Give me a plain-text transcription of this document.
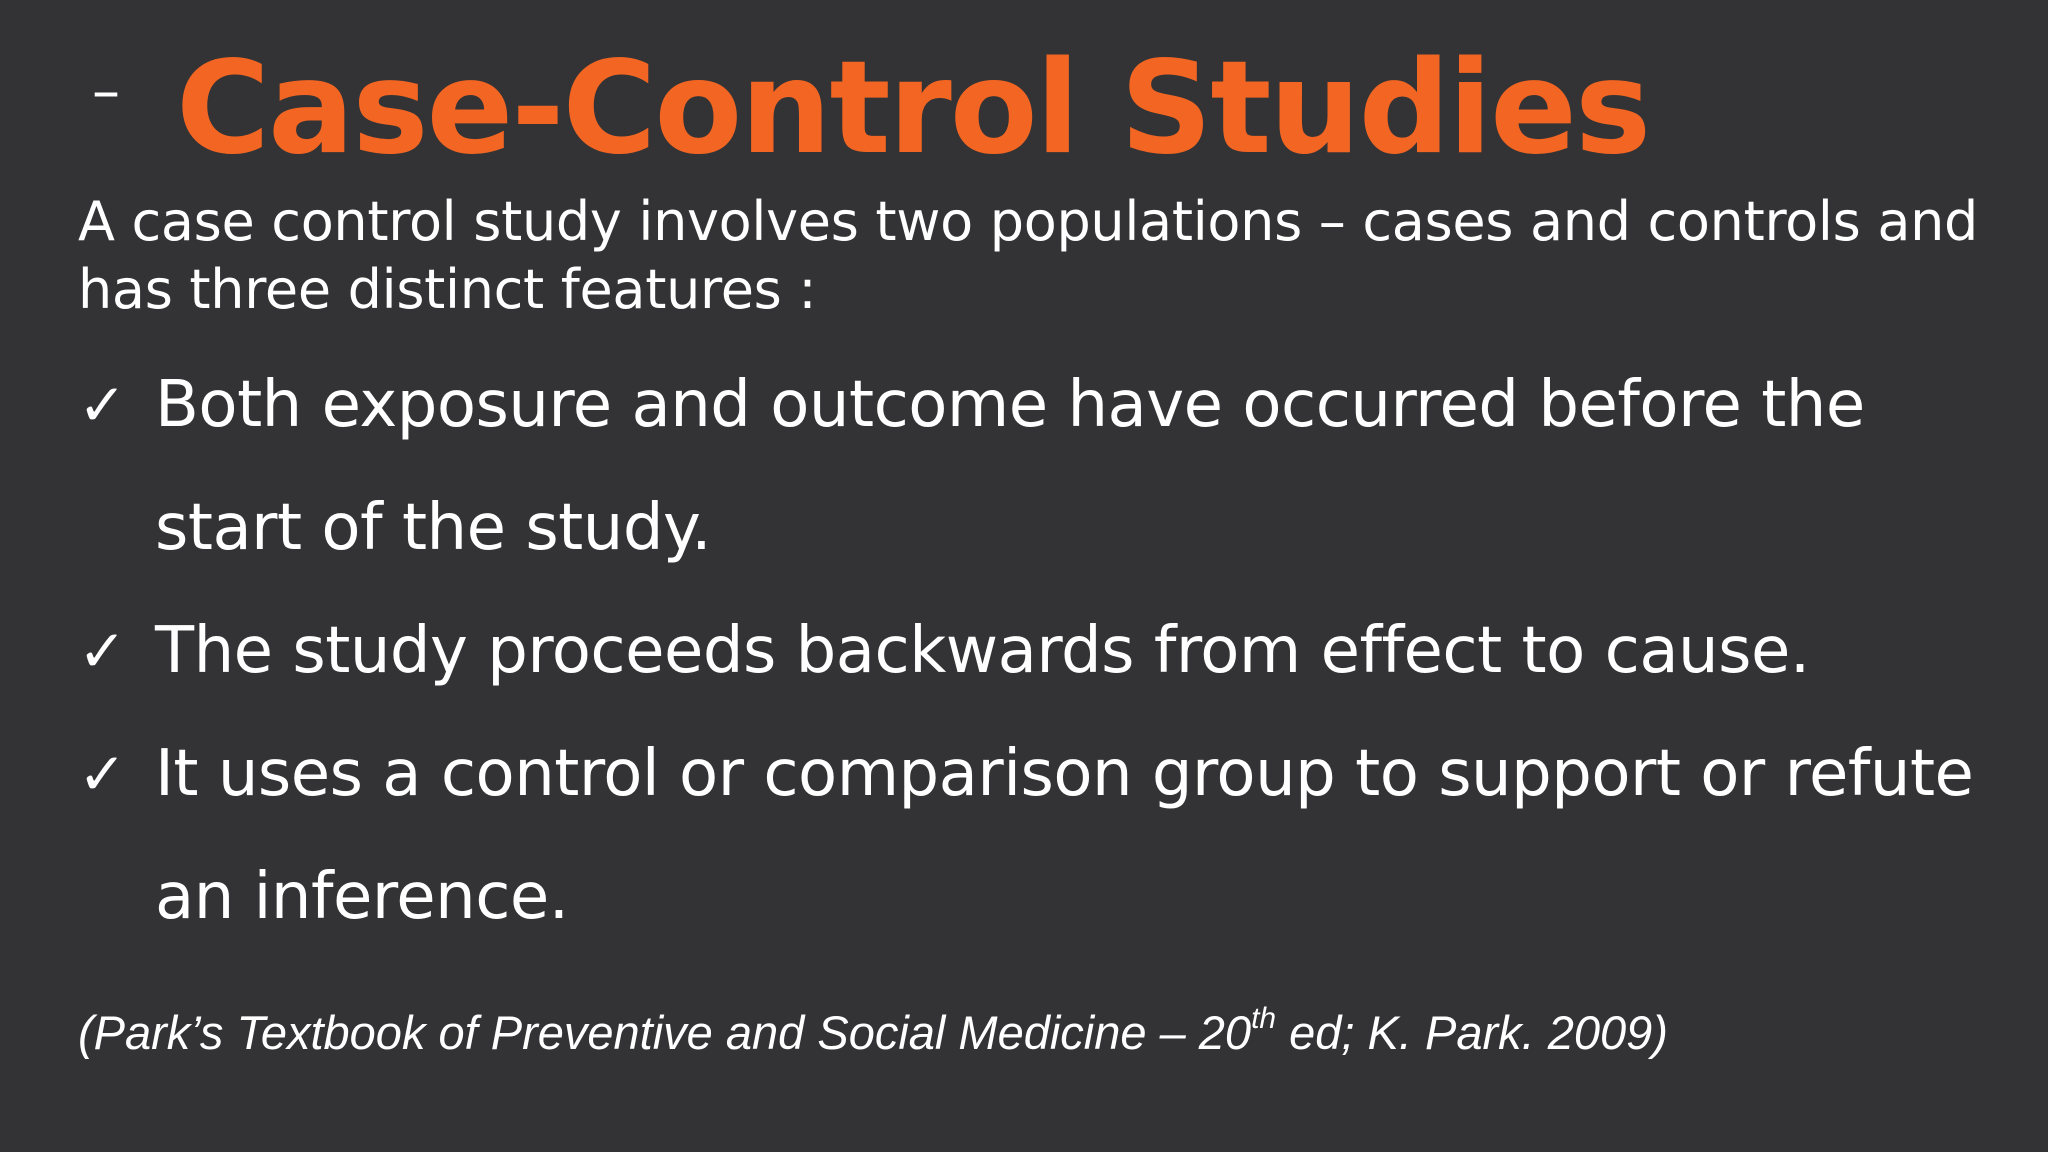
– Case-Control Studies
A case control study involves two populations – cases and controls and
has three distinct features :
✓ Both exposure and outcome have occurred before the
start of the study.
✓ The study proceeds backwards from effect to cause.
✓ It uses a control or comparison group to support or refute
an inference.
(Park’s Textbook of Preventive and Social Medicine – 20th ed; K. Park. 2009)
